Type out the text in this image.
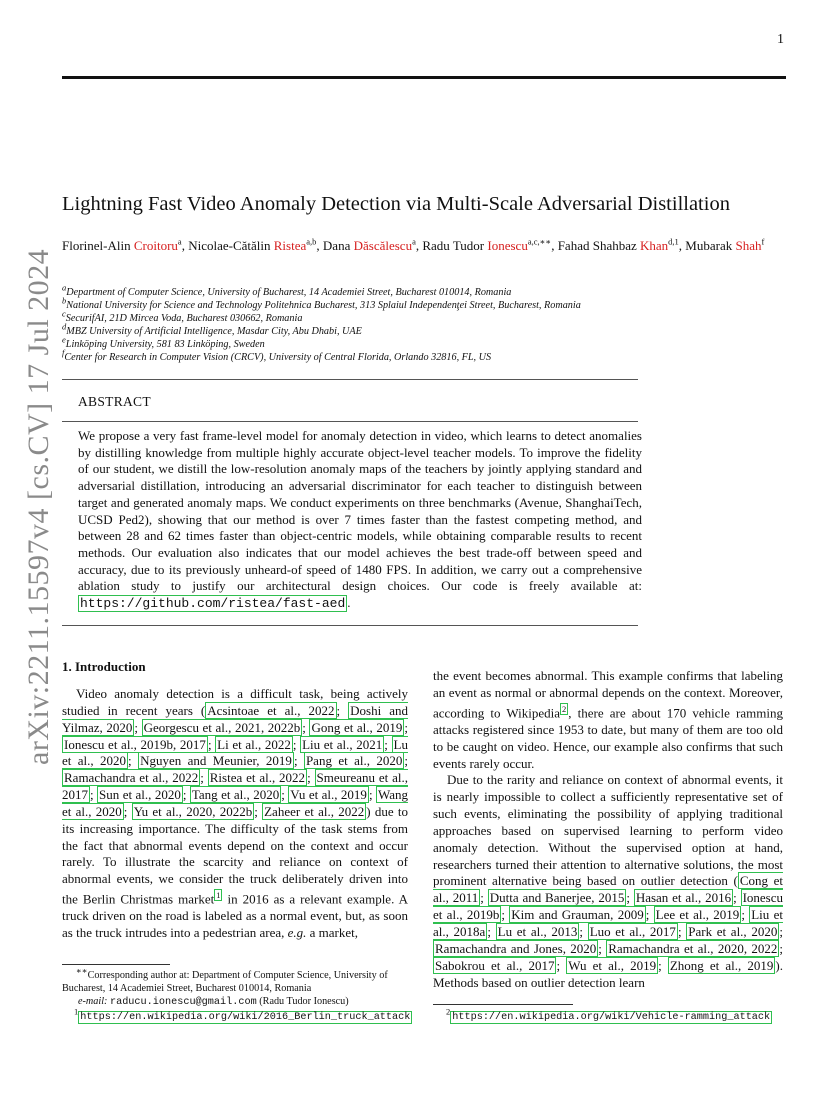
1
arXiv:2211.15597v4 [cs.CV] 17 Jul 2024
Lightning Fast Video Anomaly Detection via Multi-Scale Adversarial Distillation
Florinel-Alin Croitoru$^a$, Nicolae-Cătălin Ristea$^{a,b}$, Dana Dăscălescu$^a$, Radu Tudor Ionescu$^{a,c,∗∗}$, Fahad Shahbaz Khan$^{d,1}$, Mubarak Shah$^f$
$^a$Department of Computer Science, University of Bucharest, 14 Academiei Street, Bucharest 010014, Romania
$^b$National University for Science and Technology Politehnica Bucharest, 313 Splaiul Independenţei Street, Bucharest, Romania
$^c$SecurifAI, 21D Mircea Voda, Bucharest 030662, Romania
$^d$MBZ University of Artificial Intelligence, Masdar City, Abu Dhabi, UAE
$^e$Linköping University, 581 83 Linköping, Sweden
$^f$Center for Research in Computer Vision (CRCV), University of Central Florida, Orlando 32816, FL, US
ABSTRACT
We propose a very fast frame-level model for anomaly detection in video, which learns to detect anomalies by distilling knowledge from multiple highly accurate object-level teacher models. To improve the fidelity of our student, we distill the low-resolution anomaly maps of the teachers by jointly applying standard and adversarial distillation, introducing an adversarial discriminator for each teacher to distinguish between target and generated anomaly maps. We conduct experiments on three benchmarks (Avenue, ShanghaiTech, UCSD Ped2), showing that our method is over 7 times faster than the fastest competing method, and between 28 and 62 times faster than object-centric models, while obtaining comparable results to recent methods. Our evaluation also indicates that our model achieves the best trade-off between speed and accuracy, due to its previously unheard-of speed of 1480 FPS. In addition, we carry out a comprehensive ablation study to justify our architectural design choices. Our code is freely available at: https://github.com/ristea/fast-aed .
1. Introduction

Video anomaly detection is a difficult task, being actively studied in recent years ( Acsintoae et al., 2022 ; Doshi and Yilmaz, 2020 ; Georgescu et al., 2021, 2022b ; Gong et al., 2019 ; Ionescu et al., 2019b, 2017 ; Li et al., 2022 ; Liu et al., 2021 ; Lu et al., 2020 ; Nguyen and Meunier, 2019 ; Pang et al., 2020 ; Ramachandra et al., 2022 ; Ristea et al., 2022 ; Smeureanu et al., 2017 ; Sun et al., 2020 ; Tang et al., 2020 ; Vu et al., 2019 ; Wang et al., 2020 ; Yu et al., 2020, 2022b ; Zaheer et al., 2022 ) due to its increasing importance. The difficulty of the task stems from the fact that abnormal events depend on the context and occur rarely. To illustrate the scarcity and reliance on context of abnormal events, we consider the truck deliberately driven into the Berlin Christmas market $^1$ in 2016 as a relevant example. A truck driven on the road is labeled as a normal event, but, as soon as the truck intrudes into a pedestrian area, e.g. a market,

the event becomes abnormal. This example confirms that labeling an event as normal or abnormal depends on the context. Moreover, according to Wikipedia $^2$ , there are about 170 vehicle ramming attacks registered since 1953 to date, but many of them are too old to be caught on video. Hence, our example also confirms that such events rarely occur.

Due to the rarity and reliance on context of abnormal events, it is nearly impossible to collect a sufficiently representative set of such events, eliminating the possibility of applying traditional approaches based on supervised learning to perform video anomaly detection. Without the supervised option at hand, researchers turned their attention to alternative solutions, the most prominent alternative being based on outlier detection ( Cong et al., 2011 ; Dutta and Banerjee, 2015 ; Hasan et al., 2016 ; Ionescu et al., 2019b ; Kim and Grauman, 2009 ; Lee et al., 2019 ; Liu et al., 2018a ; Lu et al., 2013 ; Luo et al., 2017 ; Park et al., 2020 ; Ramachandra and Jones, 2020 ; Ramachandra et al., 2020, 2022 ; Sabokrou et al., 2017 ; Wu et al., 2019 ; Zhong et al., 2019 ). Methods based on outlier detection learn

∗∗Corresponding author at: Department of Computer Science, University of Bucharest, 14 Academiei Street, Bucharest 010014, Romania
e-mail: raducu.ionescu@gmail.com (Radu Tudor Ionescu)
$^1$https://en.wikipedia.org/wiki/2016_Berlin_truck_attack
$^2$https://en.wikipedia.org/wiki/Vehicle-ramming_attack
